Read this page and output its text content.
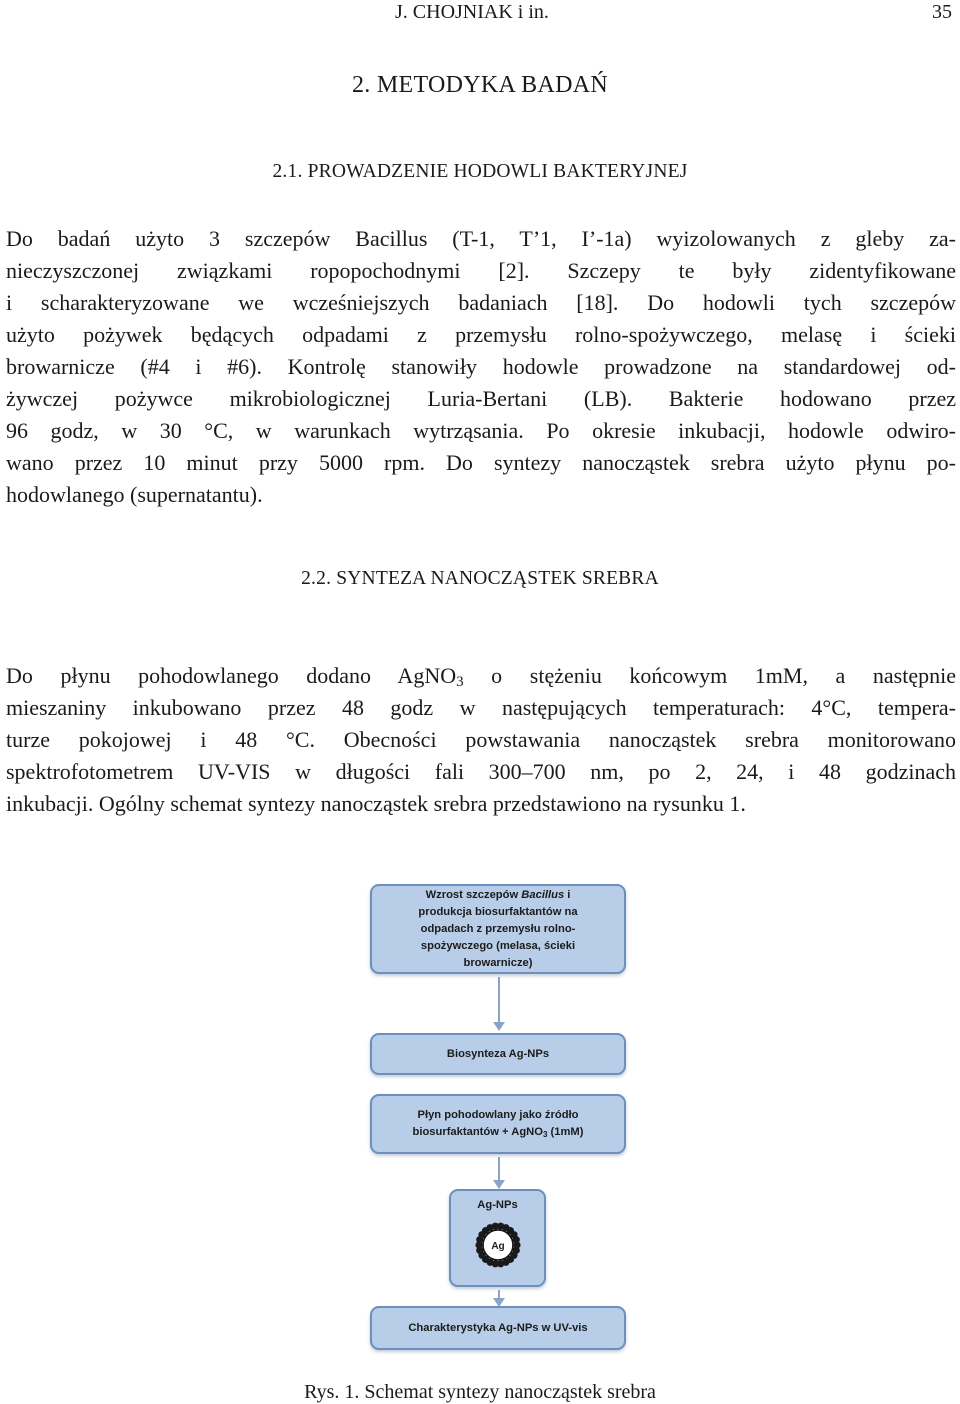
J. CHOJNIAK i in.	35
2. METODYKA BADAŃ
2.1. PROWADZENIE HODOWLI BAKTERYJNEJ
Do badań użyto 3 szczepów Bacillus (T-1, T’1, I’-1a) wyizolowanych z gleby za-
nieczyszczonej związkami ropopochodnymi [2]. Szczepy te były zidentyfikowane
i scharakteryzowane we wcześniejszych badaniach [18]. Do hodowli tych szczepów
użyto pożywek będących odpadami z przemysłu rolno-spożywczego, melasę i ścieki
browarnicze (#4 i #6). Kontrolę stanowiły hodowle prowadzone na standardowej od-
żywczej pożywce mikrobiologicznej Luria-Bertani (LB). Bakterie hodowano przez
96 godz, w 30 °C, w warunkach wytrząsania. Po okresie inkubacji, hodowle odwiro-
wano przez 10 minut przy 5000 rpm. Do syntezy nanocząstek srebra użyto płynu po-
hodowlanego (supernatantu).
2.2. SYNTEZA NANOCZĄSTEK SREBRA
Do płynu pohodowlanego dodano AgNO$_3$ o stężeniu końcowym 1mM, a następnie
mieszaniny inkubowano przez 48 godz w następujących temperaturach: 4°C, tempera-
turze pokojowej i 48 °C. Obecności powstawania nanocząstek srebra monitorowano
spektrofotometrem UV-VIS w długości fali 300–700 nm, po 2, 24, i 48 godzinach
inkubacji. Ogólny schemat syntezy nanocząstek srebra przedstawiono na rysunku 1.
Wzrost szczepów Bacillus i
produkcja biosurfaktantów na
odpadach z przemysłu rolno-
spożywczego (melasa, ścieki
browarnicze)
Biosynteza Ag-NPs
Płyn pohodowlany jako źródło
biosurfaktantów + AgNO$_3$ (1mM)
Ag-NPs
Ag
Charakterystyka Ag-NPs w UV-vis
Rys. 1. Schemat syntezy nanocząstek srebra
